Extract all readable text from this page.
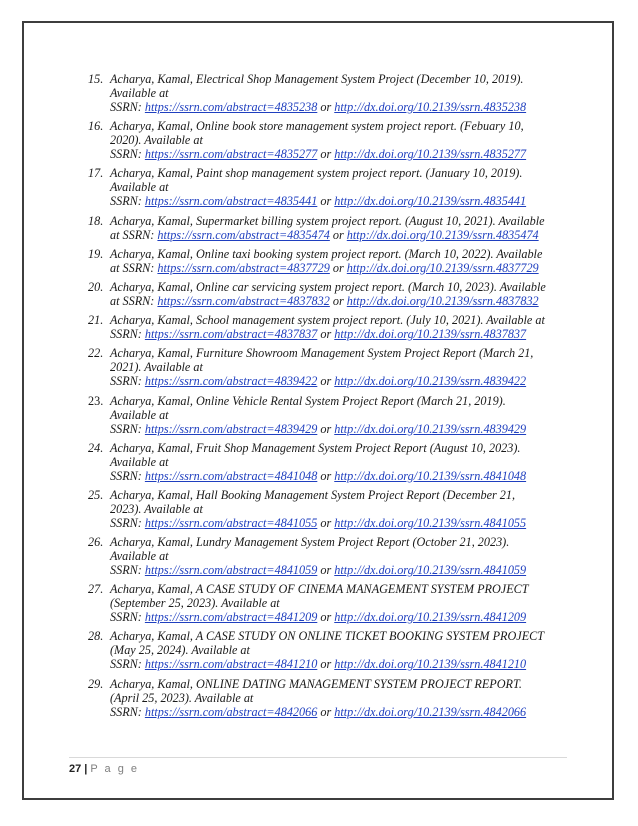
15. Acharya, Kamal, Electrical Shop Management System Project (December 10, 2019).
Available at
SSRN: https://ssrn.com/abstract=4835238 or http://dx.doi.org/10.2139/ssrn.4835238
16. Acharya, Kamal, Online book store management system project report. (Febuary 10,
2020). Available at
SSRN: https://ssrn.com/abstract=4835277 or http://dx.doi.org/10.2139/ssrn.4835277
17. Acharya, Kamal, Paint shop management system project report. (January 10, 2019).
Available at
SSRN: https://ssrn.com/abstract=4835441 or http://dx.doi.org/10.2139/ssrn.4835441
18. Acharya, Kamal, Supermarket billing system project report. (August 10, 2021). Available
at SSRN: https://ssrn.com/abstract=4835474 or http://dx.doi.org/10.2139/ssrn.4835474
19. Acharya, Kamal, Online taxi booking system project report. (March 10, 2022). Available
at SSRN: https://ssrn.com/abstract=4837729 or http://dx.doi.org/10.2139/ssrn.4837729
20. Acharya, Kamal, Online car servicing system project report. (March 10, 2023). Available
at SSRN: https://ssrn.com/abstract=4837832 or http://dx.doi.org/10.2139/ssrn.4837832
21. Acharya, Kamal, School management system project report. (July 10, 2021). Available at
SSRN: https://ssrn.com/abstract=4837837 or http://dx.doi.org/10.2139/ssrn.4837837
22. Acharya, Kamal, Furniture Showroom Management System Project Report (March 21,
2021). Available at
SSRN: https://ssrn.com/abstract=4839422 or http://dx.doi.org/10.2139/ssrn.4839422
23. Acharya, Kamal, Online Vehicle Rental System Project Report (March 21, 2019).
Available at
SSRN: https://ssrn.com/abstract=4839429 or http://dx.doi.org/10.2139/ssrn.4839429
24. Acharya, Kamal, Fruit Shop Management System Project Report (August 10, 2023).
Available at
SSRN: https://ssrn.com/abstract=4841048 or http://dx.doi.org/10.2139/ssrn.4841048
25. Acharya, Kamal, Hall Booking Management System Project Report (December 21,
2023). Available at
SSRN: https://ssrn.com/abstract=4841055 or http://dx.doi.org/10.2139/ssrn.4841055
26. Acharya, Kamal, Lundry Management System Project Report (October 21, 2023).
Available at
SSRN: https://ssrn.com/abstract=4841059 or http://dx.doi.org/10.2139/ssrn.4841059
27. Acharya, Kamal, A CASE STUDY OF CINEMA MANAGEMENT SYSTEM PROJECT
(September 25, 2023). Available at
SSRN: https://ssrn.com/abstract=4841209 or http://dx.doi.org/10.2139/ssrn.4841209
28. Acharya, Kamal, A CASE STUDY ON ONLINE TICKET BOOKING SYSTEM PROJECT
(May 25, 2024). Available at
SSRN: https://ssrn.com/abstract=4841210 or http://dx.doi.org/10.2139/ssrn.4841210
29. Acharya, Kamal, ONLINE DATING MANAGEMENT SYSTEM PROJECT REPORT.
(April 25, 2023). Available at
SSRN: https://ssrn.com/abstract=4842066 or http://dx.doi.org/10.2139/ssrn.4842066
27 | P a g e
